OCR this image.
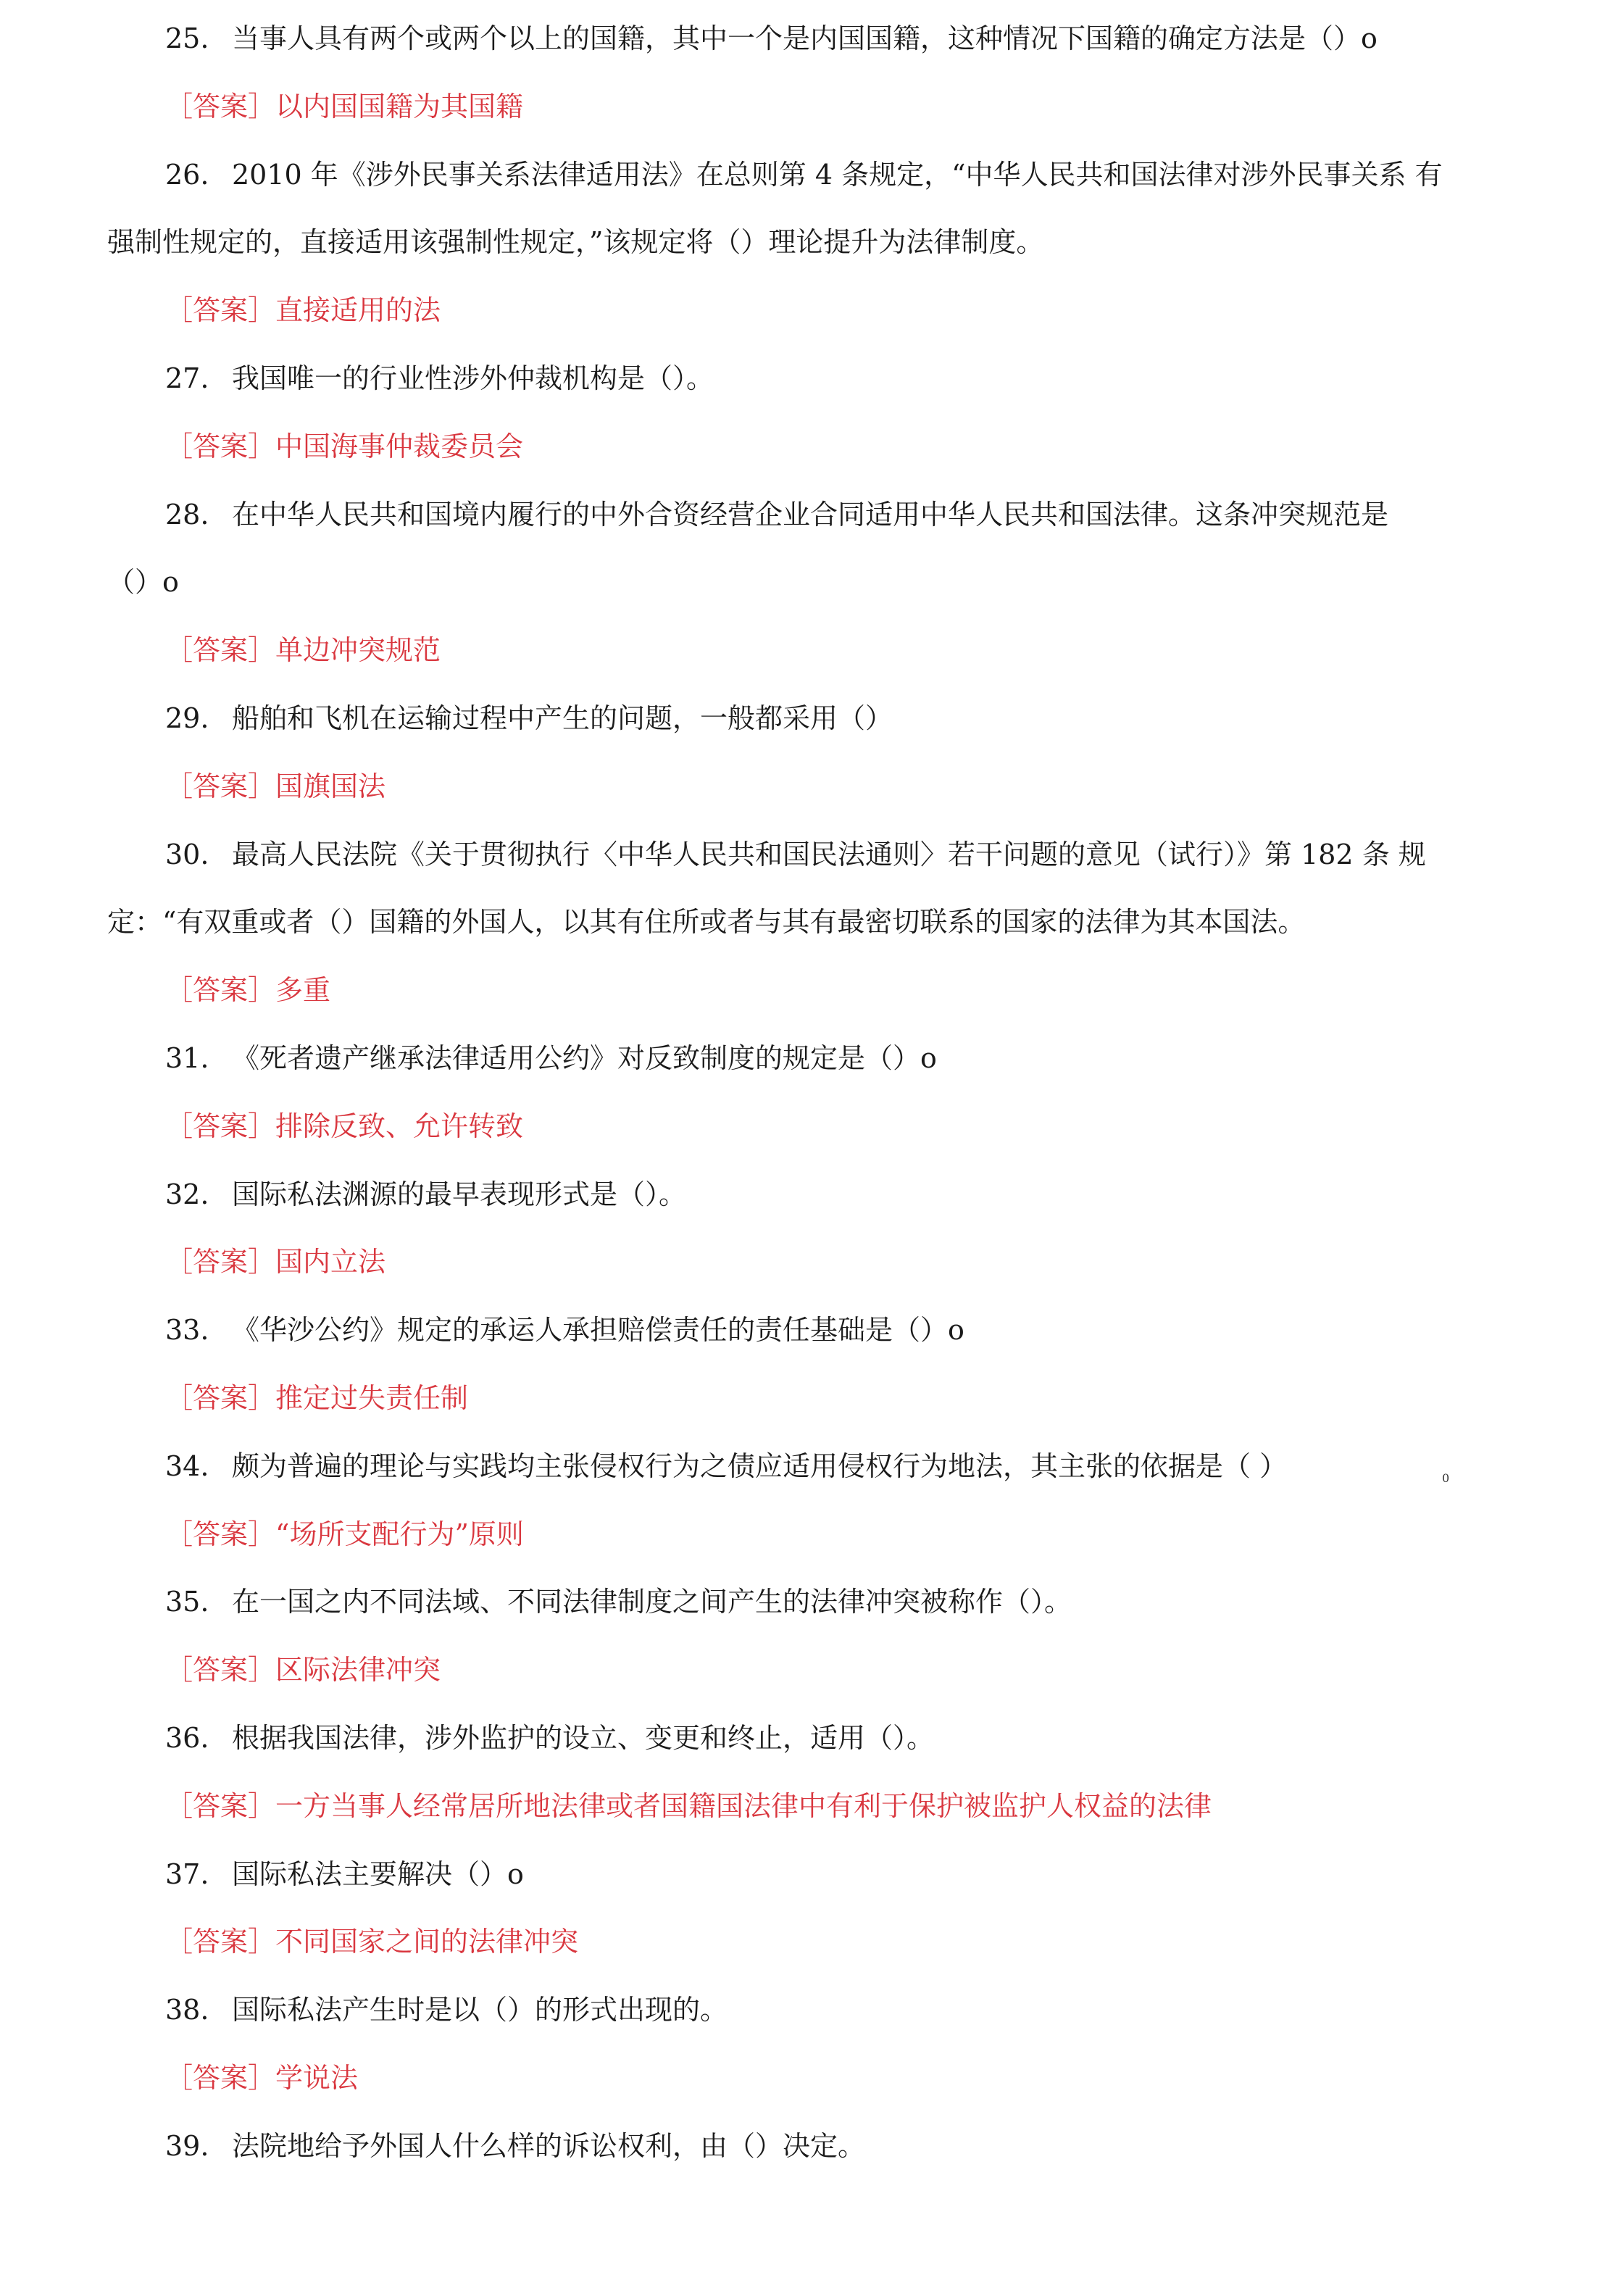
25. 当事人具有两个或两个以上的国籍，其中一个是内国国籍，这种情况下国籍的确定方法是（）o
［答案］以内国国籍为其国籍
26. 2010 年《涉外民事关系法律适用法》在总则第 4 条规定，“中华人民共和国法律对涉外民事关系 有
强制性规定的，直接适用该强制性规定，”该规定将（）理论提升为法律制度。
［答案］直接适用的法
27. 我国唯一的行业性涉外仲裁机构是（）。
［答案］中国海事仲裁委员会
28. 在中华人民共和国境内履行的中外合资经营企业合同适用中华人民共和国法律。这条冲突规范是
（）o
［答案］单边冲突规范
29. 船舶和飞机在运输过程中产生的问题，一般都采用（）
［答案］国旗国法
30. 最高人民法院《关于贯彻执行〈中华人民共和国民法通则〉若干问题的意见（试行）》第 182 条 规
定：“有双重或者（）国籍的外国人，以其有住所或者与其有最密切联系的国家的法律为其本国法。
［答案］多重
31. 《死者遗产继承法律适用公约》对反致制度的规定是（）o
［答案］排除反致、允许转致
32. 国际私法渊源的最早表现形式是（）。
［答案］国内立法
33. 《华沙公约》规定的承运人承担赔偿责任的责任基础是（）o
［答案］推定过失责任制
34. 颇为普遍的理论与实践均主张侵权行为之债应适用侵权行为地法，其主张的依据是（ ）	0
［答案］“场所支配行为”原则
35. 在一国之内不同法域、不同法律制度之间产生的法律冲突被称作（）。
［答案］区际法律冲突
36. 根据我国法律，涉外监护的设立、变更和终止，适用（）。
［答案］一方当事人经常居所地法律或者国籍国法律中有利于保护被监护人权益的法律
37. 国际私法主要解决（）o
［答案］不同国家之间的法律冲突
38. 国际私法产生时是以（）的形式出现的。
［答案］学说法
39. 法院地给予外国人什么样的诉讼权利，由（）决定。
